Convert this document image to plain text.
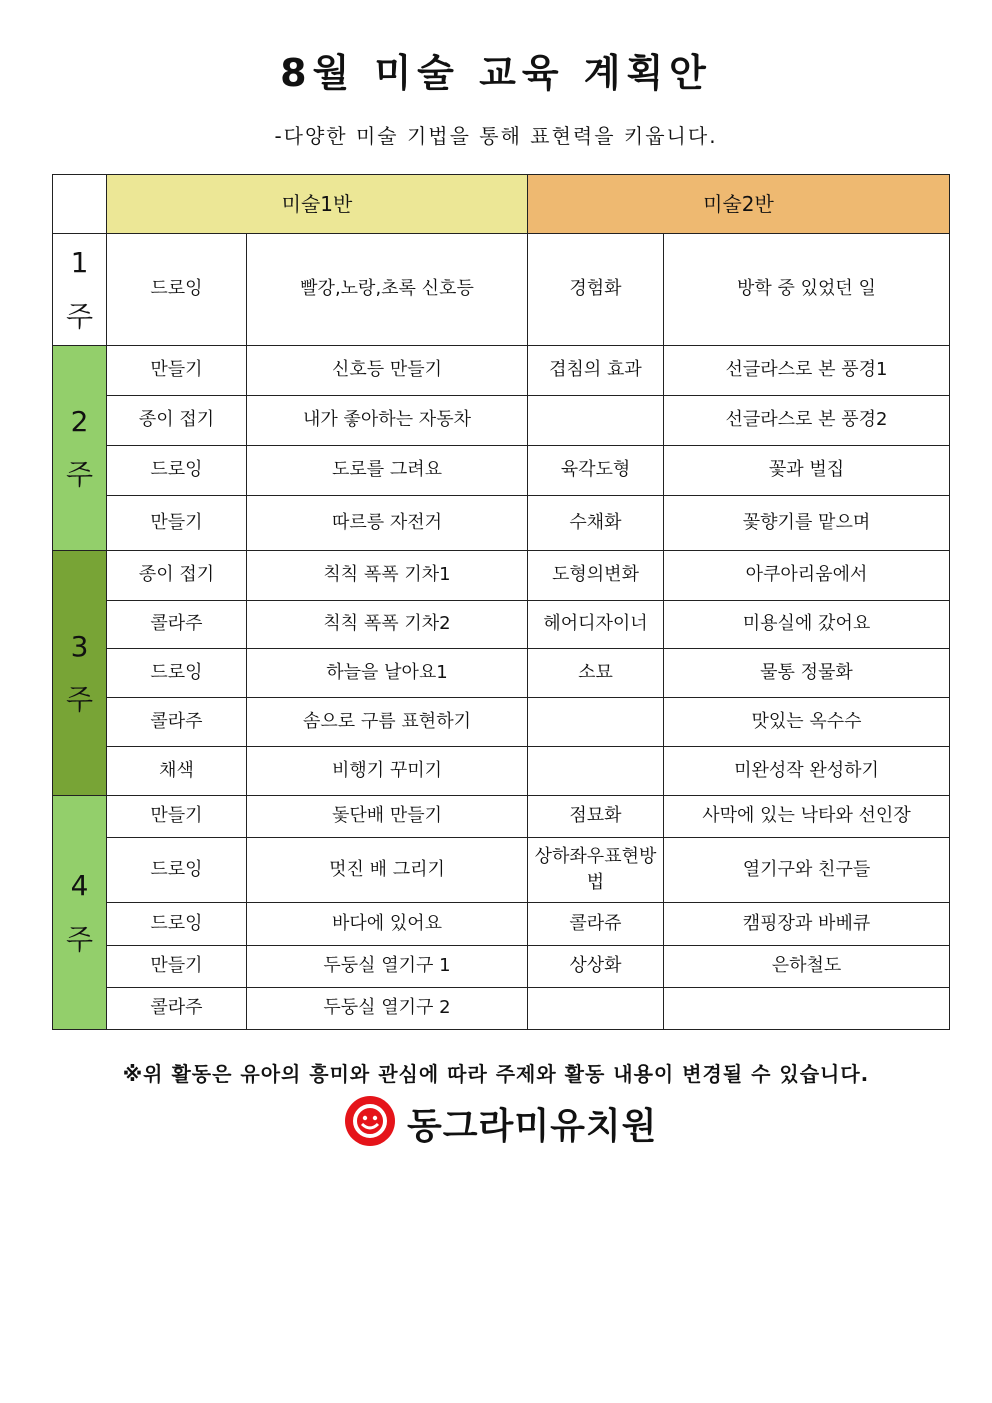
8월 미술 교육 계획안
-다양한 미술 기법을 통해 표현력을 키웁니다.
	미술1반		미술2반	

1
주	드로잉	빨강,노랑,초록 신호등	경험화	방학 중 있었던 일

2
주	만들기	신호등 만들기	겹침의 효과	선글라스로 본 풍경1
	종이 접기	내가 좋아하는 자동차		선글라스로 본 풍경2
	드로잉	도로를 그려요	육각도형	꽃과 벌집
	만들기	따르릉 자전거	수채화	꽃향기를 맡으며

3
주	종이 접기	칙칙 폭폭 기차1	도형의변화	아쿠아리움에서
	콜라주	칙칙 폭폭 기차2	헤어디자이너	미용실에 갔어요
	드로잉	하늘을 날아요1	소묘	물통 정물화
	콜라주	솜으로 구름 표현하기		맛있는 옥수수
	채색	비행기 꾸미기		미완성작 완성하기

4
주	만들기	돛단배 만들기	점묘화	사막에 있는 낙타와 선인장
	드로잉	멋진 배 그리기	상하좌우표현방법	열기구와 친구들
	드로잉	바다에 있어요	콜라쥬	캠핑장과 바베큐
	만들기	두둥실 열기구 1	상상화	은하철도
	콜라주	두둥실 열기구 2		
※위 활동은 유아의 흥미와 관심에 따라 주제와 활동 내용이 변경될 수 있습니다.
동그라미유치원
